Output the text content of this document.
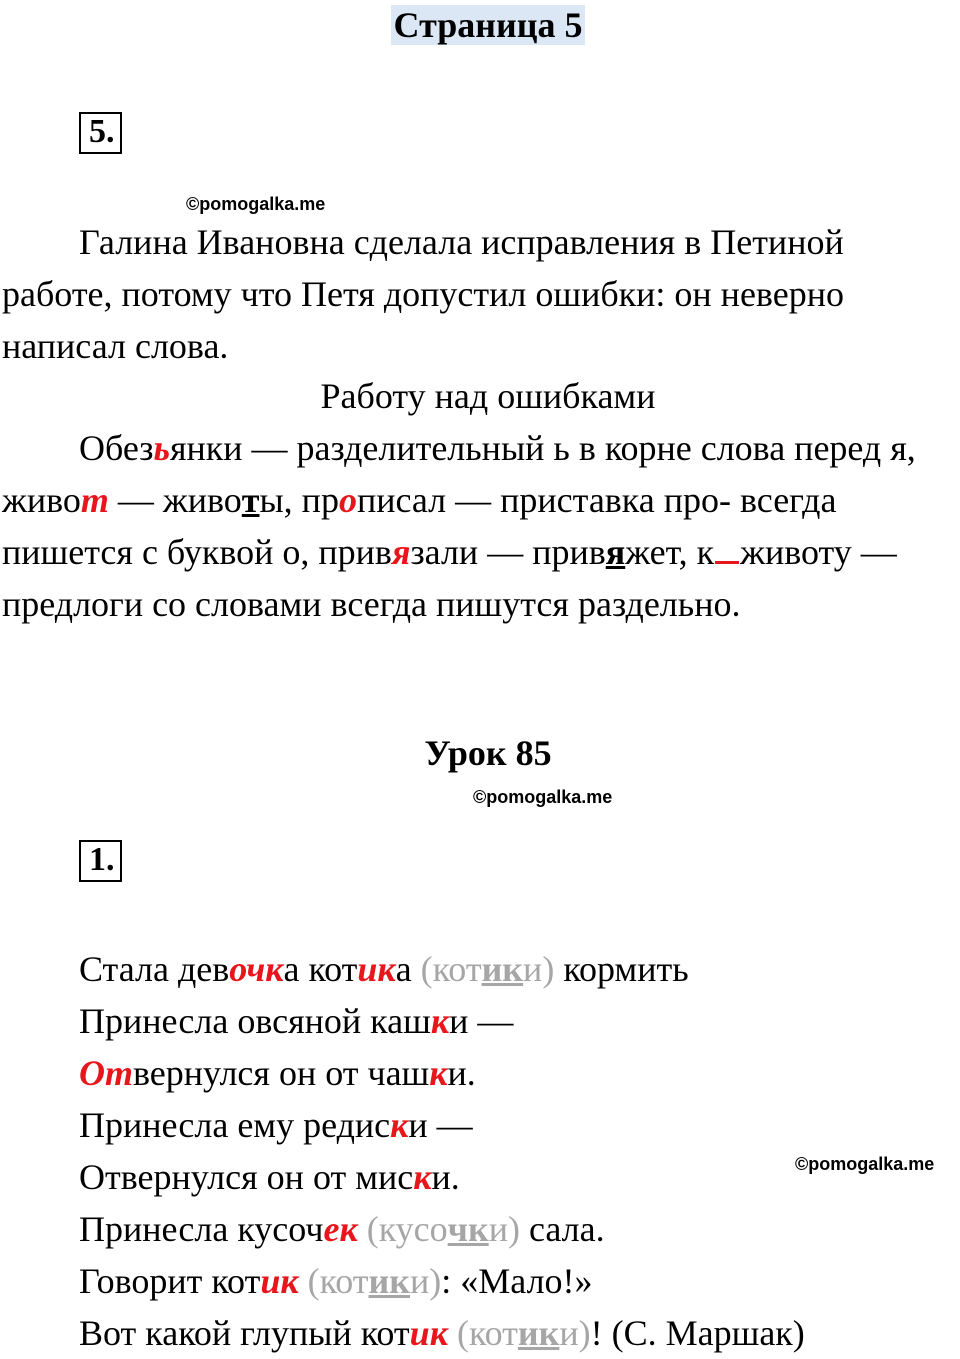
Страница 5
5.
©pomogalka.me
Галина Ивановна сделала исправления в Петиной работе, потому что Петя допустил ошибки: он неверно написал слова.
Работу над ошибками
Обезьянки — разделительный ь в корне слова перед я, живот — животы, прописал — приставка про- всегда пишется с буквой о, привязали — привяжет, к животу — предлоги со словами всегда пишутся раздельно.
Урок 85
©pomogalka.me
1.
©pomogalka.me
Стала девочка котика (котики) кормить
Принесла овсяной кашки —
Отвернулся он от чашки.
Принесла ему редиски —
Отвернулся он от миски.
Принесла кусочек (кусочки) сала.
Говорит котик (котики): «Мало!»
Вот какой глупый котик (котики)! (С. Маршак)
